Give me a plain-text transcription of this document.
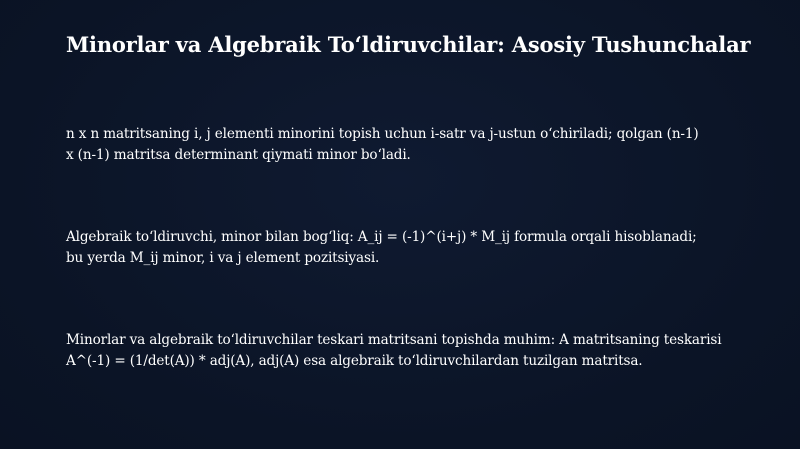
Minorlar va Algebraik To‘ldiruvchilar: Asosiy Tushunchalar
n x n matritsaning i, j elementi minorini topish uchun i-satr va j-ustun o‘chiriladi; qolgan (n-1)
x (n-1) matritsa determinant qiymati minor bo‘ladi.
Algebraik to‘ldiruvchi, minor bilan bog‘liq: A_ij = (-1)^(i+j) * M_ij formula orqali hisoblanadi;
bu yerda M_ij minor, i va j element pozitsiyasi.
Minorlar va algebraik to‘ldiruvchilar teskari matritsani topishda muhim: A matritsaning teskarisi
A^(-1) = (1/det(A)) * adj(A), adj(A) esa algebraik to‘ldiruvchilardan tuzilgan matritsa.
